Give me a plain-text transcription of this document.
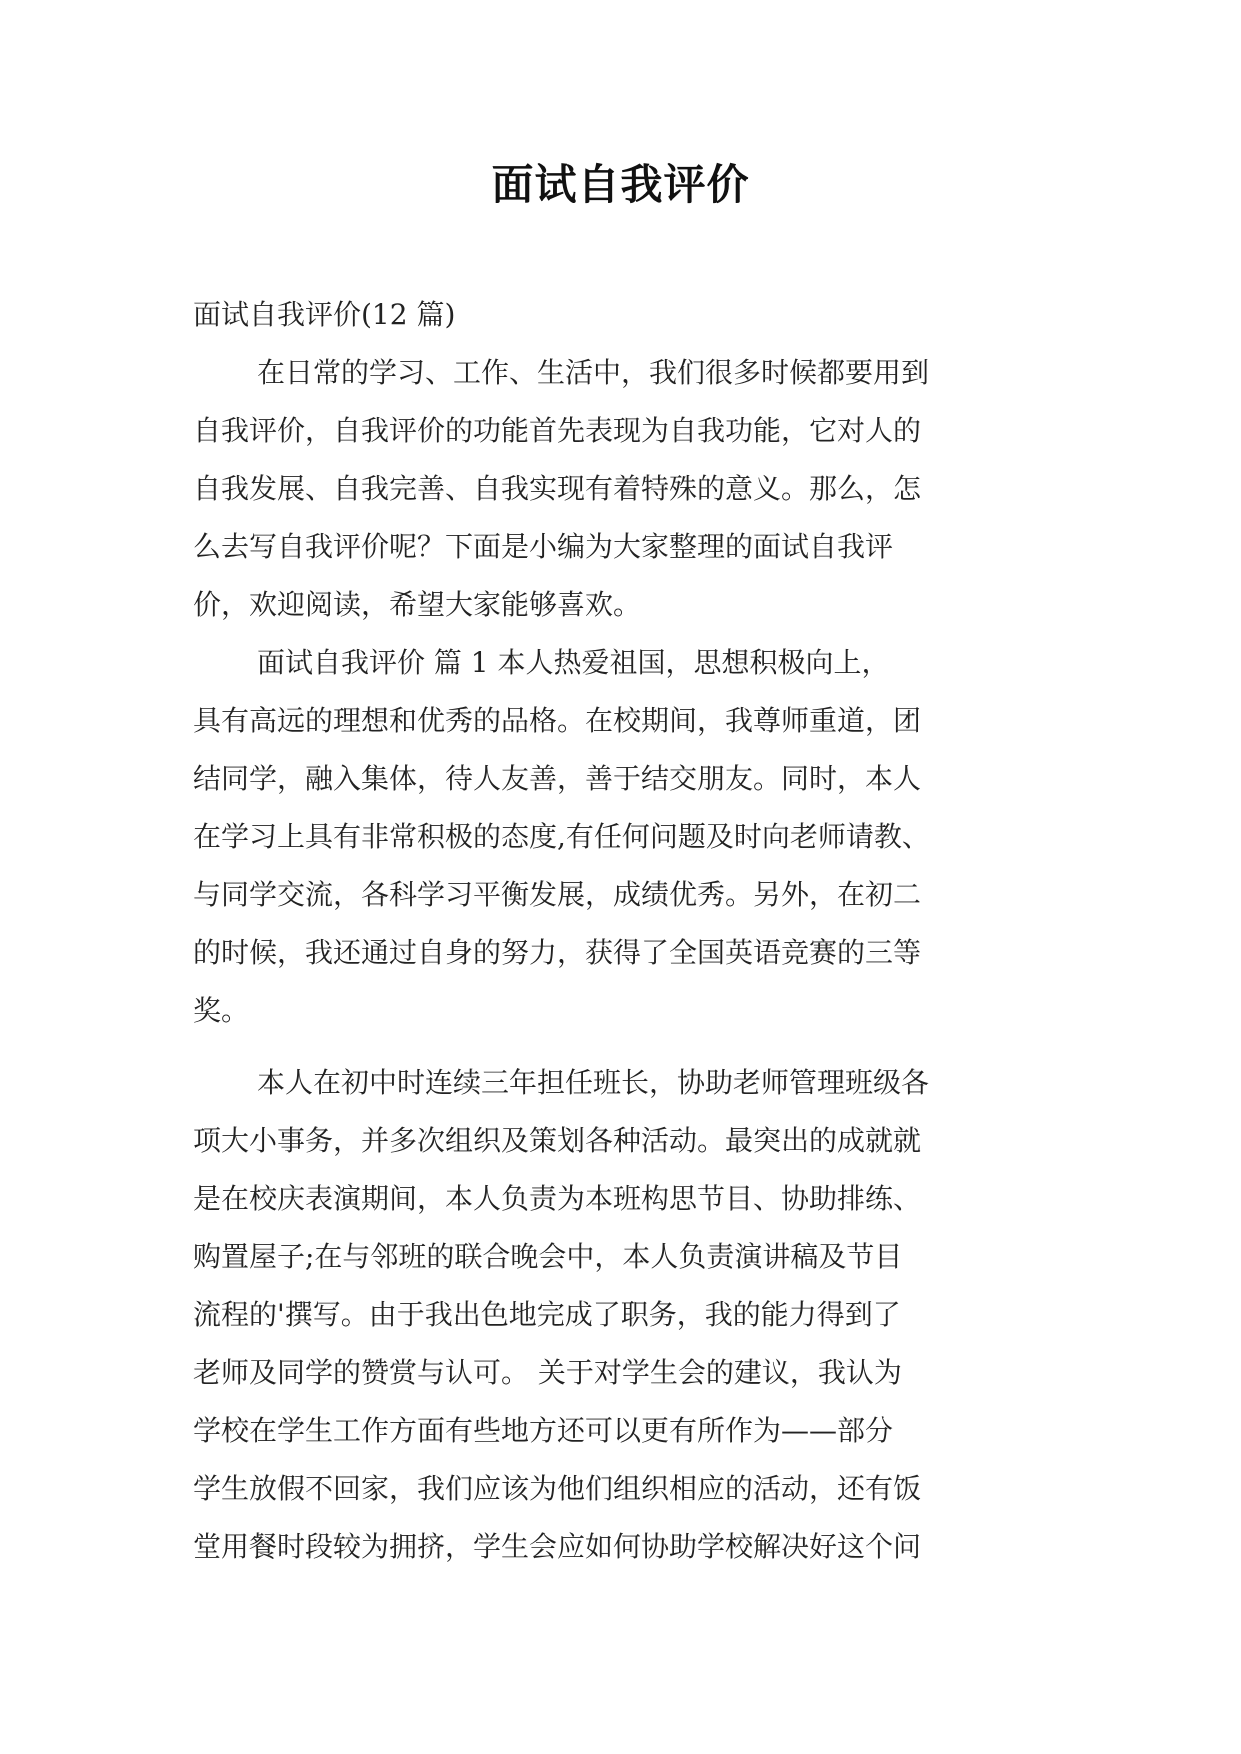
面试自我评价
面试自我评价(12 篇)
在日常的学习、工作、生活中，我们很多时候都要用到
自我评价，自我评价的功能首先表现为自我功能，它对人的
自我发展、自我完善、自我实现有着特殊的意义。那么，怎
么去写自我评价呢？下面是小编为大家整理的面试自我评
价，欢迎阅读，希望大家能够喜欢。
面试自我评价 篇 1 本人热爱祖国，思想积极向上，
具有高远的理想和优秀的品格。在校期间，我尊师重道，团
结同学，融入集体，待人友善，善于结交朋友。同时，本人
在学习上具有非常积极的态度,有任何问题及时向老师请教、
与同学交流，各科学习平衡发展，成绩优秀。另外，在初二
的时候，我还通过自身的努力，获得了全国英语竞赛的三等
奖。
本人在初中时连续三年担任班长，协助老师管理班级各
项大小事务，并多次组织及策划各种活动。最突出的成就就
是在校庆表演期间，本人负责为本班构思节目、协助排练、
购置屋子;在与邻班的联合晚会中，本人负责演讲稿及节目
流程的'撰写。由于我出色地完成了职务，我的能力得到了
老师及同学的赞赏与认可。 关于对学生会的建议，我认为
学校在学生工作方面有些地方还可以更有所作为——部分
学生放假不回家，我们应该为他们组织相应的活动，还有饭
堂用餐时段较为拥挤，学生会应如何协助学校解决好这个问
